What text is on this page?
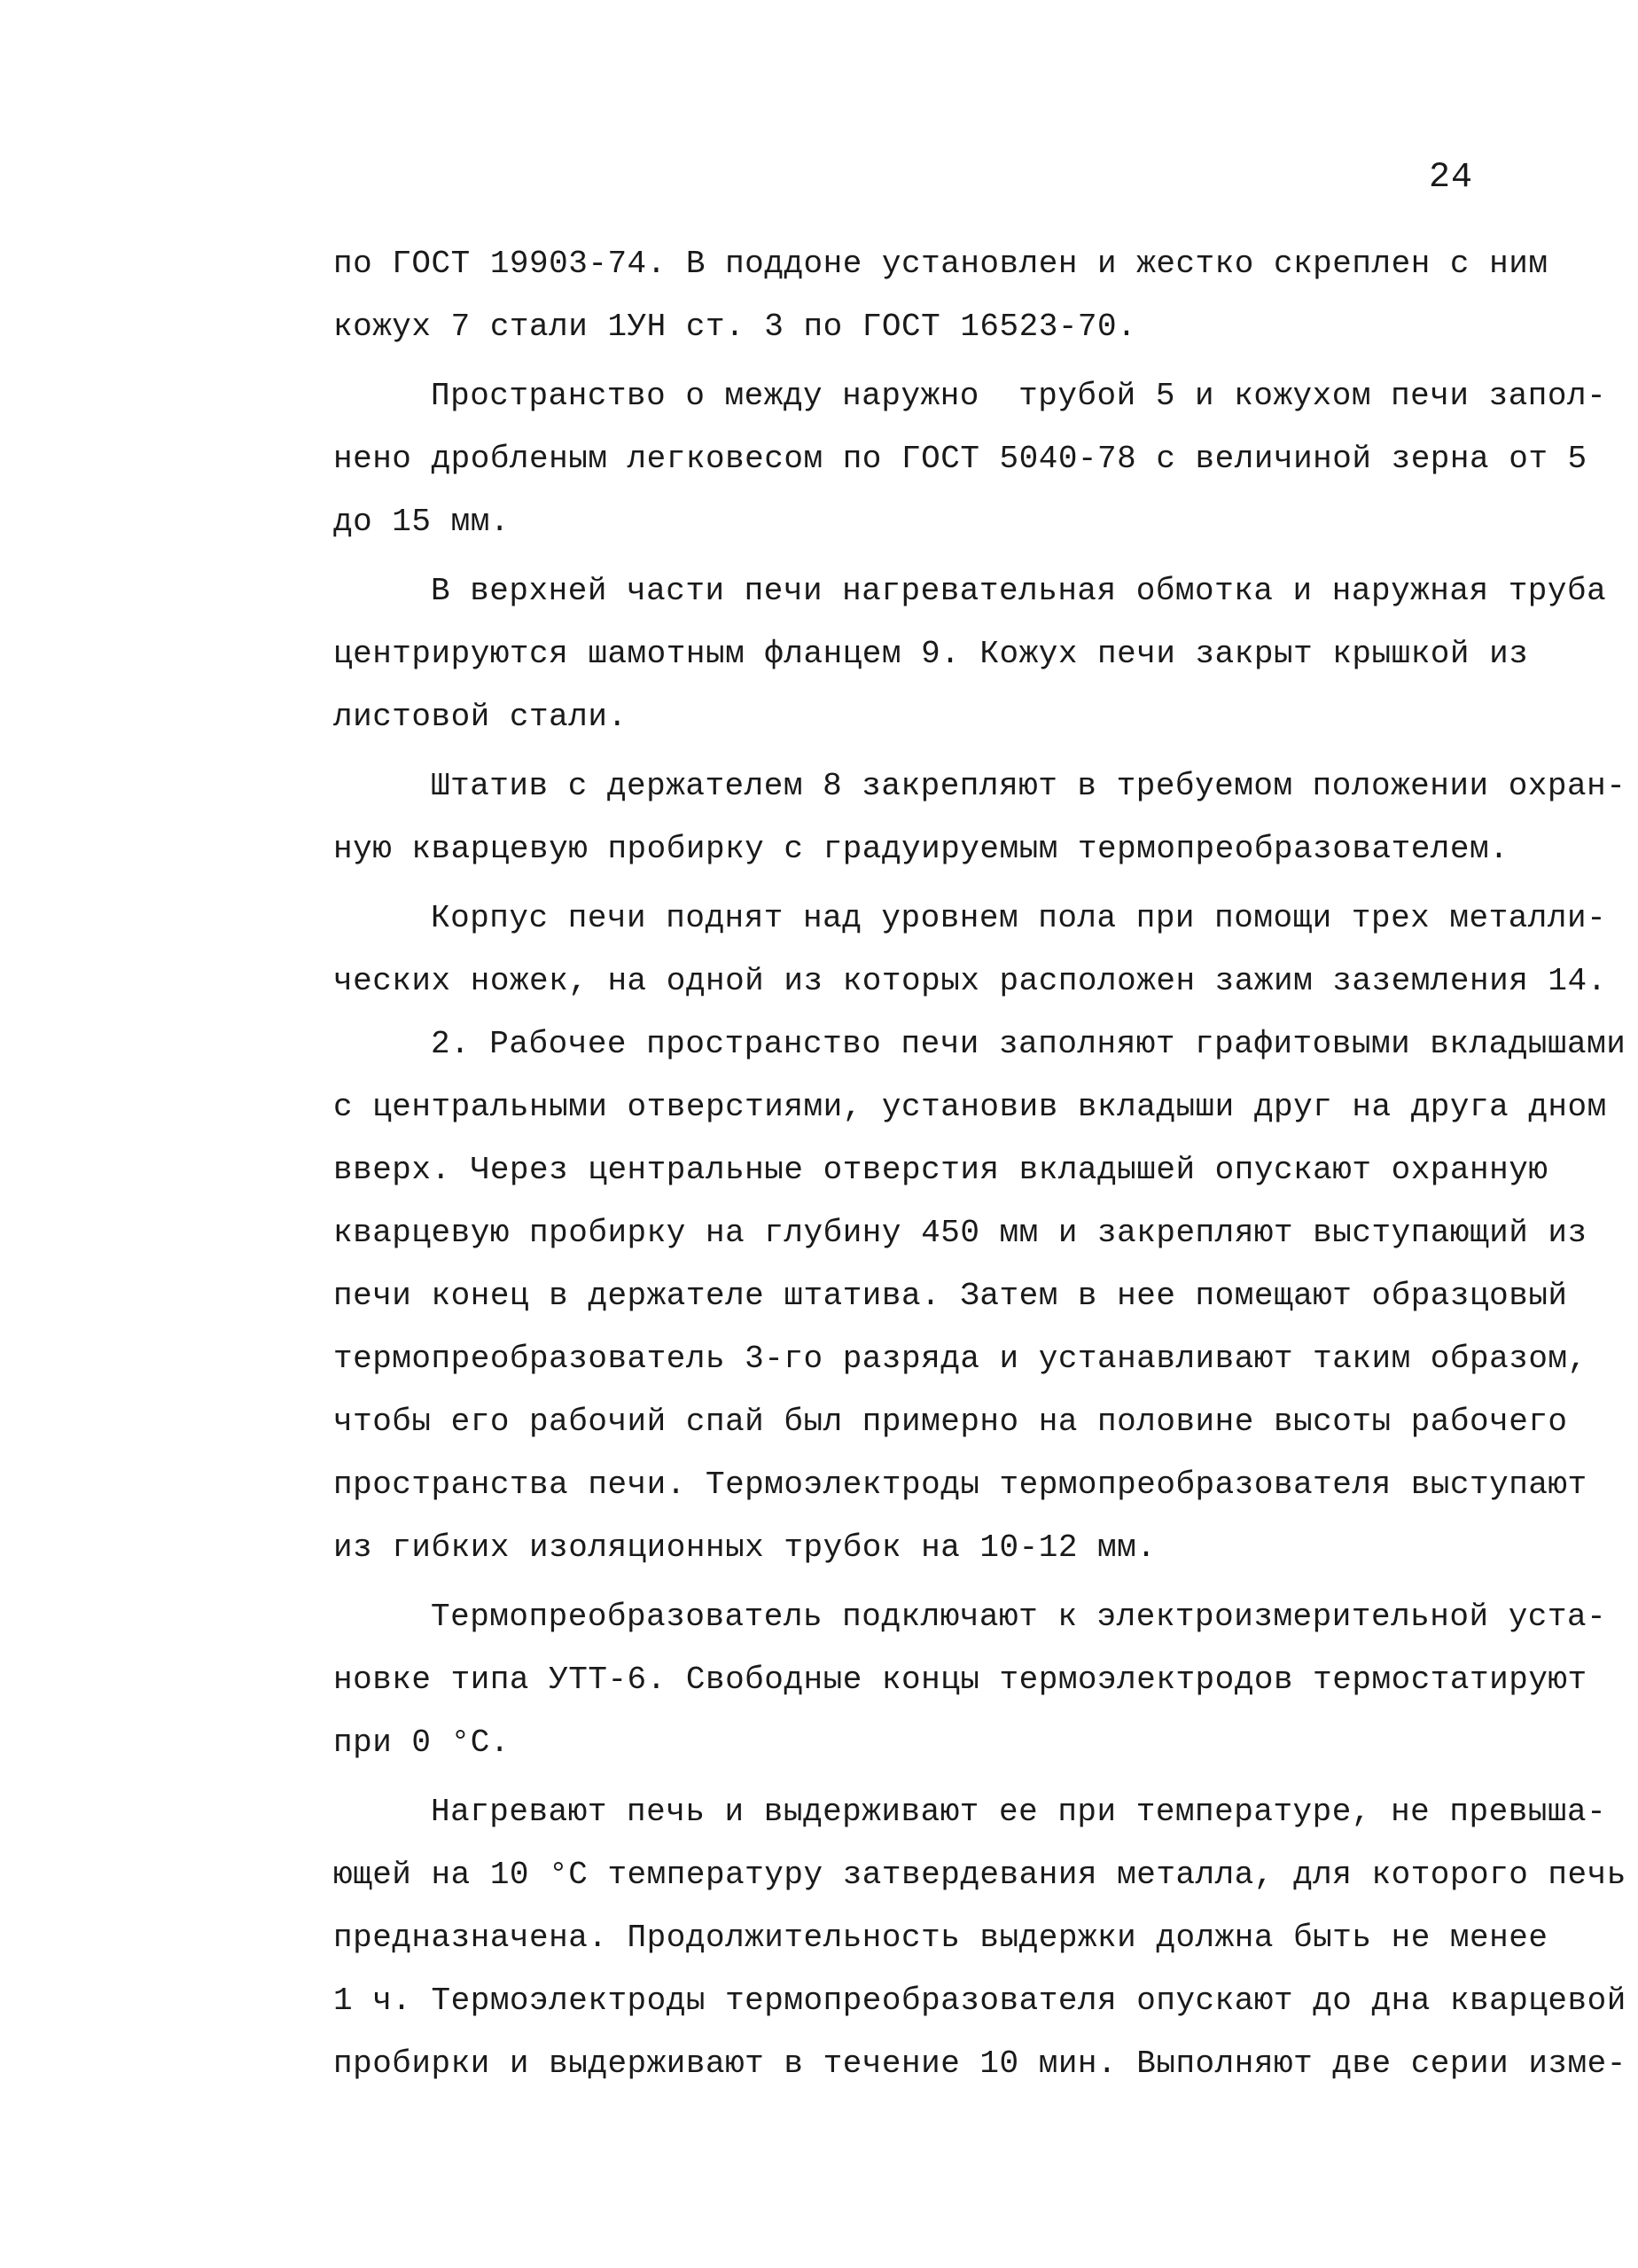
24
по ГОСТ 19903-74. В поддоне установлен и жестко скреплен с ним
кожух 7 стали 1УН ст. 3 по ГОСТ 16523-70.
Пространство о между наружно  трубой 5 и кожухом печи запол-
нено дробленым легковесом по ГОСТ 5040-78 с величиной зерна от 5
до 15 мм.
В верхней части печи нагревательная обмотка и наружная труба
центрируются шамотным фланцем 9. Кожух печи закрыт крышкой из
листовой стали.
Штатив с держателем 8 закрепляют в требуемом положении охран-
ную кварцевую пробирку с градуируемым термопреобразователем.
Корпус печи поднят над уровнем пола при помощи трех металли-
ческих ножек, на одной из которых расположен зажим заземления 14.
2. Рабочее пространство печи заполняют графитовыми вкладышами
с центральными отверстиями, установив вкладыши друг на друга дном
вверх. Через центральные отверстия вкладышей опускают охранную
кварцевую пробирку на глубину 450 мм и закрепляют выступающий из
печи конец в держателе штатива. Затем в нее помещают образцовый
термопреобразователь 3-го разряда и устанавливают таким образом,
чтобы его рабочий спай был примерно на половине высоты рабочего
пространства печи. Термоэлектроды термопреобразователя выступают
из гибких изоляционных трубок на 10-12 мм.
Термопреобразователь подключают к электроизмерительной уста-
новке типа УТТ-6. Свободные концы термоэлектродов термостатируют
при 0 °С.
Нагревают печь и выдерживают ее при температуре, не превыша-
ющей на 10 °С температуру затвердевания металла, для которого печь
предназначена. Продолжительность выдержки должна быть не менее
1 ч. Термоэлектроды термопреобразователя опускают до дна кварцевой
пробирки и выдерживают в течение 10 мин. Выполняют две серии изме-
